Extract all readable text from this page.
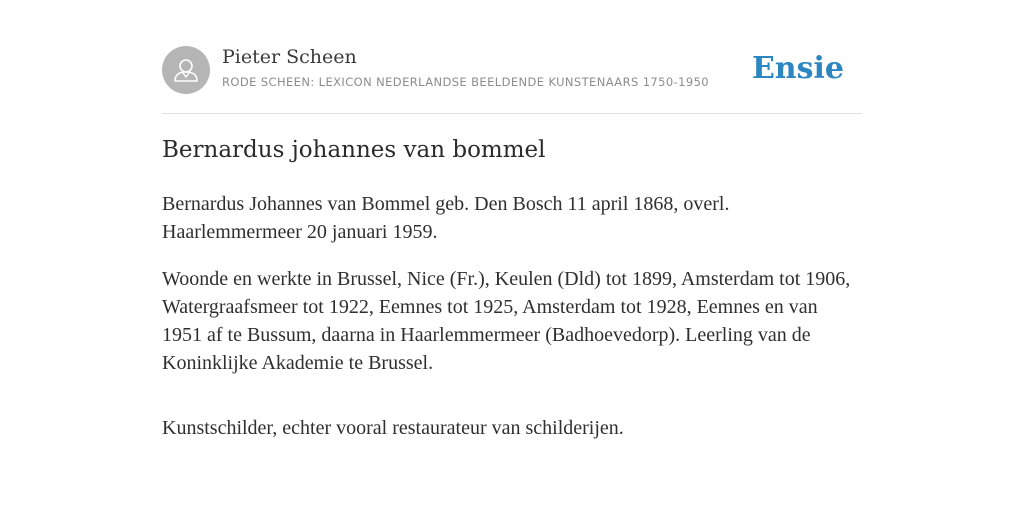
Pieter Scheen
RODE SCHEEN: LEXICON NEDERLANDSE BEELDENDE KUNSTENAARS 1750-1950 Ensie
Bernardus johannes van bommel

Bernardus Johannes van Bommel geb. Den Bosch 11 april 1868, overl. Haarlemmermeer 20 januari 1959.

Woonde en werkte in Brussel, Nice (Fr.), Keulen (Dld) tot 1899, Amsterdam tot 1906, Watergraafsmeer tot 1922, Eemnes tot 1925, Amsterdam tot 1928, Eemnes en van 1951 af te Bussum, daarna in Haarlemmermeer (Badhoevedorp). Leerling van de Koninklijke Akademie te Brussel.

Kunstschilder, echter vooral restaurateur van schilderijen.
